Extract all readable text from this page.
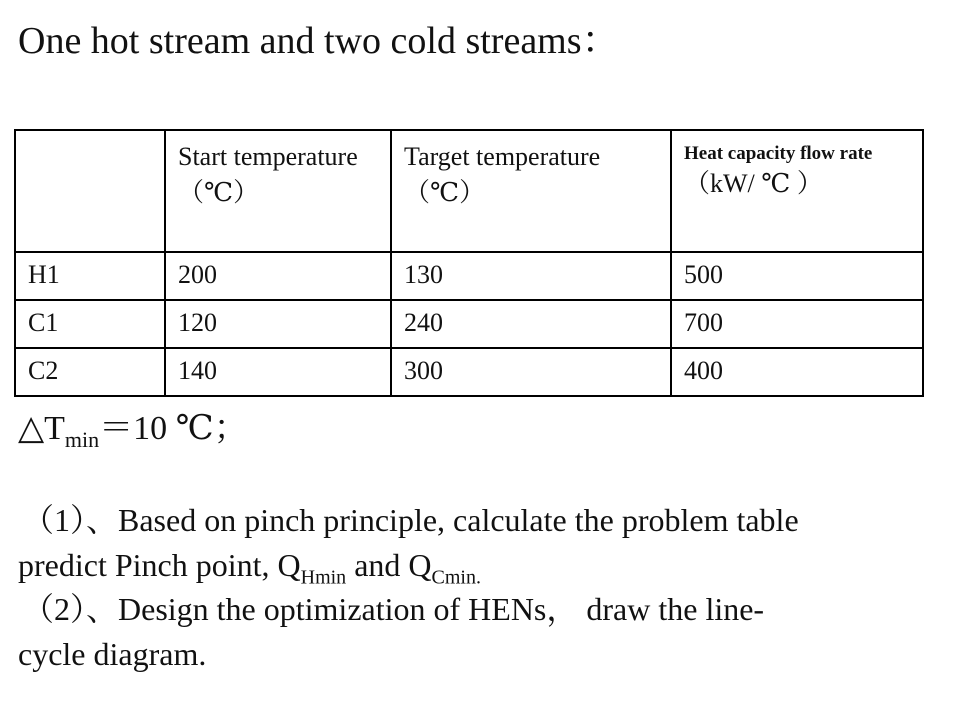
One hot stream and two cold streams：
	Start temperature （℃）	Target temperature （℃）	Heat capacity flow rate
（kW/ ℃ ）

H1	200	130	500
C1	120	240	700
C2	140	300	400
$\triangle T_{min}=10$ ℃；
（1）、Based on pinch principle, calculate the problem table
predict Pinch point, $Q_{Hmin}$ and $Q_{Cmin.}$
（2）、Design the optimization of HENs， draw the line-
cycle diagram.
